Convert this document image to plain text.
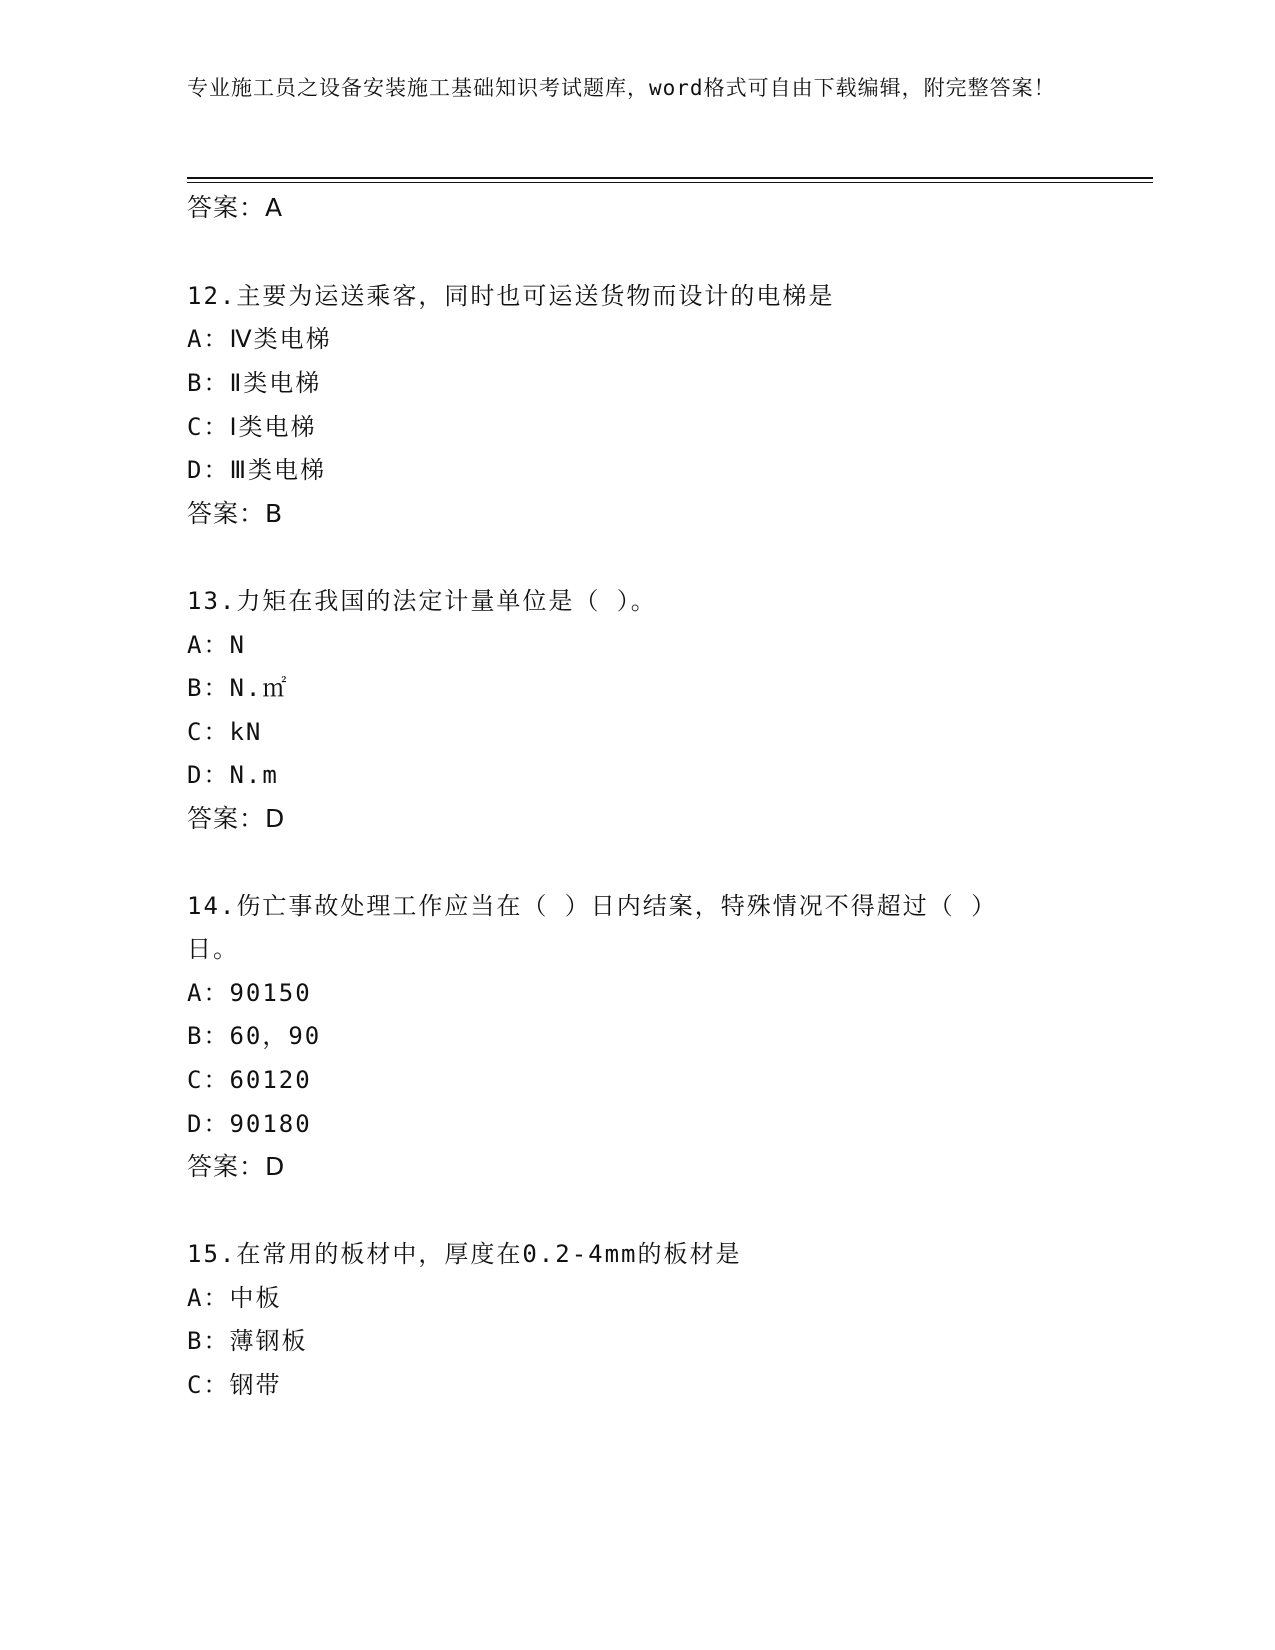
专业施工员之设备安装施工基础知识考试题库，word格式可自由下载编辑，附完整答案！
答案：A
12.主要为运送乘客，同时也可运送货物而设计的电梯是
A：Ⅳ类电梯
B：Ⅱ类电梯
C：Ⅰ类电梯
D：Ⅲ类电梯
答案：B
13.力矩在我国的法定计量单位是（ ）。
A：N
B：N.㎡
C：kN
D：N.m
答案：D
14.伤亡事故处理工作应当在（ ）日内结案，特殊情况不得超过（ ）
日。
A：90150
B：60，90
C：60120
D：90180
答案：D
15.在常用的板材中，厚度在0.2-4mm的板材是
A：中板
B：薄钢板
C：钢带
